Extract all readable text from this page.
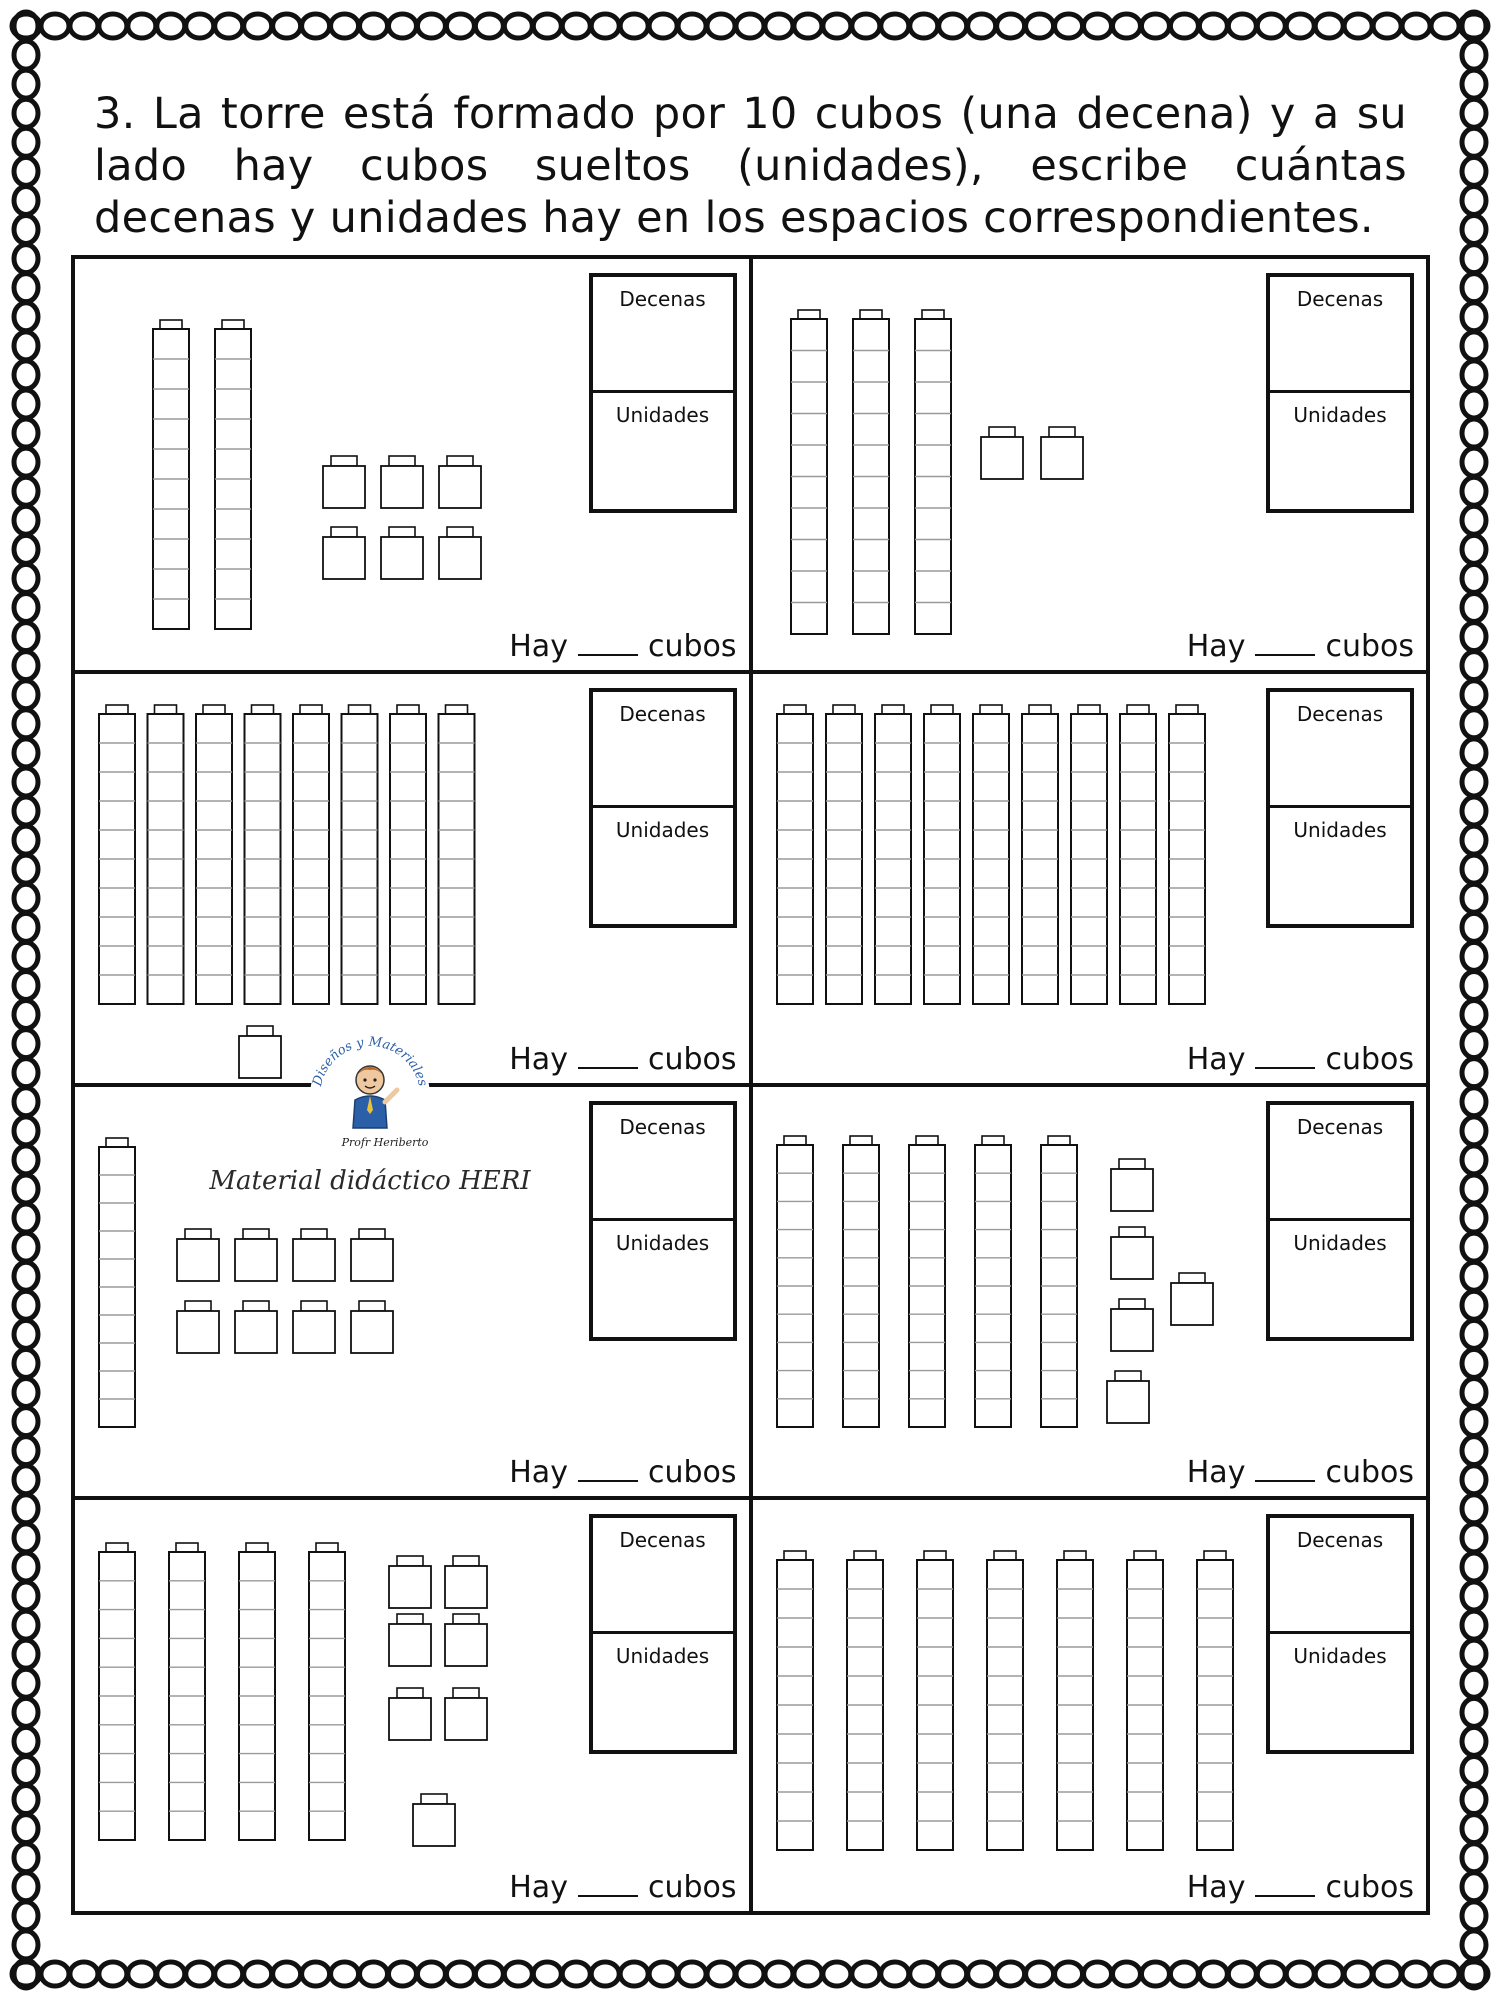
3. La torre está formado por 10 cubos (una decena) y a su lado hay cubos sueltos (unidades), escribe cuántas decenas y unidades hay en los espacios correspondientes.

Decenas
Unidades
Hay	cubos
Decenas
Unidades
Hay	cubos
Decenas
Unidades
Hay	cubos
Decenas
Unidades
Hay	cubos
Decenas
Unidades
Hay	cubos
Decenas
Unidades
Hay	cubos
Decenas
Unidades
Hay	cubos
Decenas
Unidades
Hay	cubos
Diseños y Materiales
Profr Heriberto
Material didáctico HERI
